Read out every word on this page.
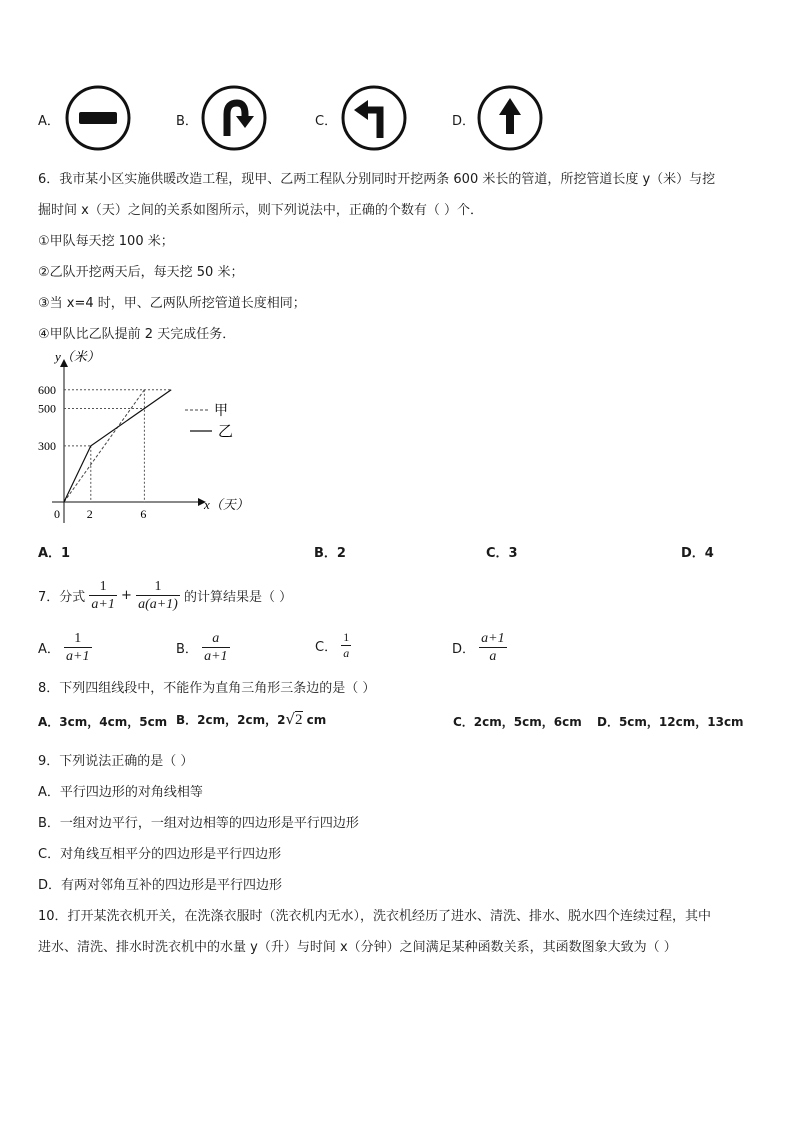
A．	B．	C．	D．
6．我市某小区实施供暖改造工程，现甲、乙两工程队分别同时开挖两条 600 米长的管道，所挖管道长度 y（米）与挖
掘时间 x（天）之间的关系如图所示，则下列说法中，正确的个数有（ ）个．
①甲队每天挖 100 米；
②乙队开挖两天后，每天挖 50 米；
③当 x=4 时，甲、乙两队所挖管道长度相同；
④甲队比乙队提前 2 天完成任务．
y（米）
x（天）
600
500
300
0 2	6
甲
乙
A．1	B．2	C．3	D．4
7．分式 $\frac{1}{a+1} + \frac{1}{a(a+1)}$ 的计算结果是（ ）
A． $\frac{1}{a+1}$	B． $\frac{a}{a+1}$	C． $\frac{1}{a}$	D． $\frac{a+1}{a}$
8．下列四组线段中，不能作为直角三角形三条边的是（ ）
A．3cm，4cm，5cm B．2cm，2cm，2√2 cm	C．2cm，5cm，6cm D．5cm，12cm，13cm
9．下列说法正确的是（ ）
A．平行四边形的对角线相等
B．一组对边平行，一组对边相等的四边形是平行四边形
C．对角线互相平分的四边形是平行四边形
D．有两对邻角互补的四边形是平行四边形
10．打开某洗衣机开关，在洗涤衣服时（洗衣机内无水），洗衣机经历了进水、清洗、排水、脱水四个连续过程，其中
进水、清洗、排水时洗衣机中的水量 y（升）与时间 x（分钟）之间满足某种函数关系，其函数图象大致为（ ）
